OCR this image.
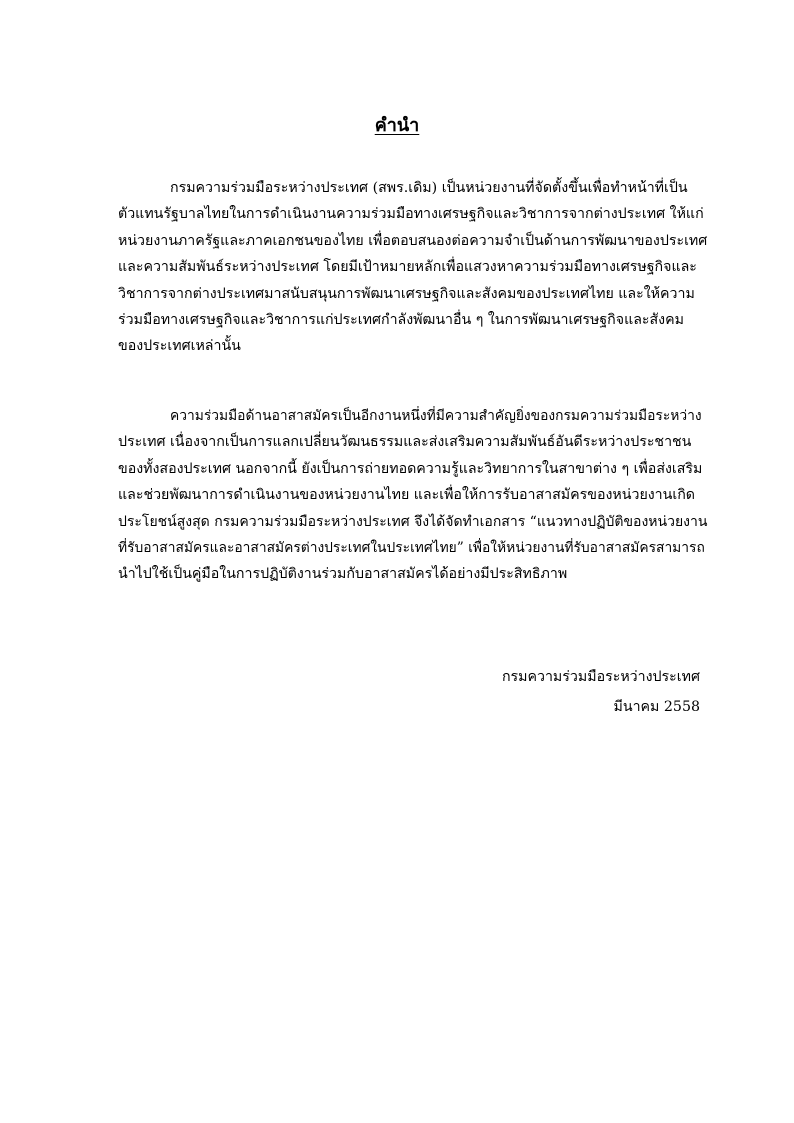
คำนำ
กรมความร่วมมือระหว่างประเทศ (สพร.เดิม) เป็นหน่วยงานที่จัดตั้งขึ้นเพื่อทำหน้าที่เป็น
ตัวแทนรัฐบาลไทยในการดำเนินงานความร่วมมือทางเศรษฐกิจและวิชาการจากต่างประเทศ ให้แก่
หน่วยงานภาครัฐและภาคเอกชนของไทย เพื่อตอบสนองต่อความจำเป็นด้านการพัฒนาของประเทศ
และความสัมพันธ์ระหว่างประเทศ โดยมีเป้าหมายหลักเพื่อแสวงหาความร่วมมือทางเศรษฐกิจและ
วิชาการจากต่างประเทศมาสนับสนุนการพัฒนาเศรษฐกิจและสังคมของประเทศไทย และให้ความ
ร่วมมือทางเศรษฐกิจและวิชาการแก่ประเทศกำลังพัฒนาอื่น ๆ ในการพัฒนาเศรษฐกิจและสังคม
ของประเทศเหล่านั้น
ความร่วมมือด้านอาสาสมัครเป็นอีกงานหนึ่งที่มีความสำคัญยิ่งของกรมความร่วมมือระหว่าง
ประเทศ เนื่องจากเป็นการแลกเปลี่ยนวัฒนธรรมและส่งเสริมความสัมพันธ์อันดีระหว่างประชาชน
ของทั้งสองประเทศ นอกจากนี้ ยังเป็นการถ่ายทอดความรู้และวิทยาการในสาขาต่าง ๆ เพื่อส่งเสริม
และช่วยพัฒนาการดำเนินงานของหน่วยงานไทย และเพื่อให้การรับอาสาสมัครของหน่วยงานเกิด
ประโยชน์สูงสุด กรมความร่วมมือระหว่างประเทศ จึงได้จัดทำเอกสาร “แนวทางปฏิบัติของหน่วยงาน
ที่รับอาสาสมัครและอาสาสมัครต่างประเทศในประเทศไทย” เพื่อให้หน่วยงานที่รับอาสาสมัครสามารถ
นำไปใช้เป็นคู่มือในการปฏิบัติงานร่วมกับอาสาสมัครได้อย่างมีประสิทธิภาพ
กรมความร่วมมือระหว่างประเทศ
มีนาคม 2558
